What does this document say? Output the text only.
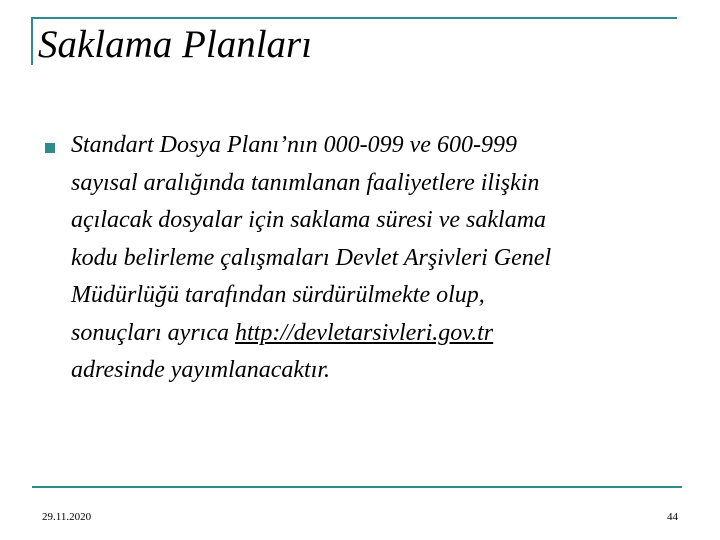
Saklama Planları

Standart Dosya Planı’nın 000-099 ve 600-999

sayısal aralığında tanımlanan faaliyetlere ilişkin

açılacak dosyalar için saklama süresi ve saklama

kodu belirleme çalışmaları Devlet Arşivleri Genel

Müdürlüğü tarafından sürdürülmekte olup,

sonuçları ayrıca http://devletarsivleri.gov.tr

adresinde yayımlanacaktır.

29.11.2020	44
